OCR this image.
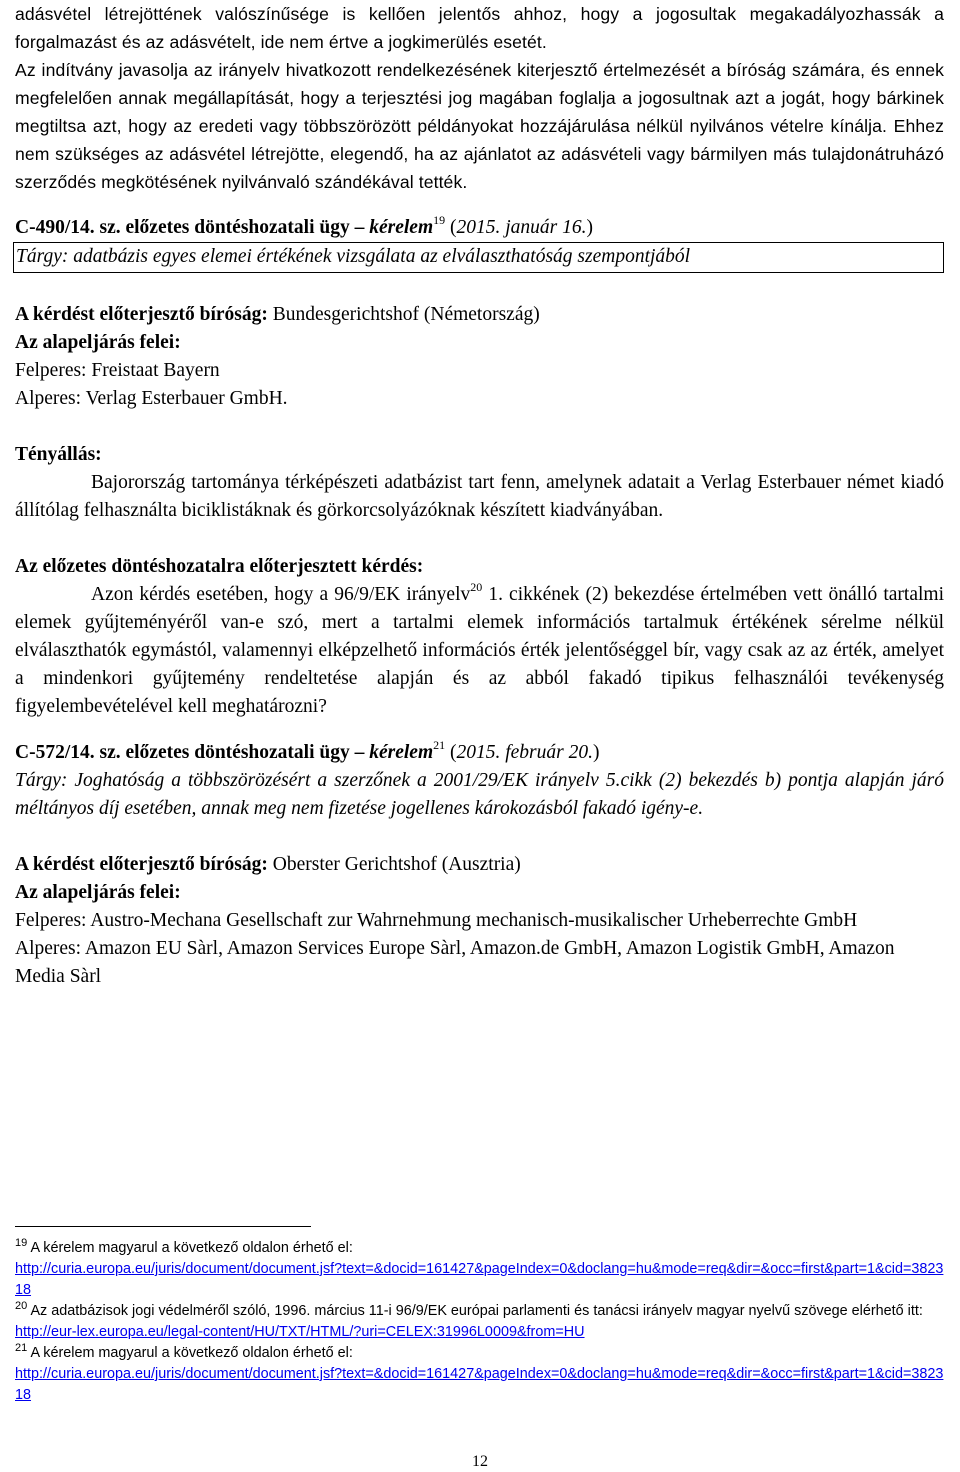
adásvétel létrejöttének valószínűsége is kellően jelentős ahhoz, hogy a jogosultak megakadályozhassák a forgalmazást és az adásvételt, ide nem értve a jogkimerülés esetét.

Az indítvány javasolja az irányelv hivatkozott rendelkezésének kiterjesztő értelmezését a bíróság számára, és ennek megfelelően annak megállapítását, hogy a terjesztési jog magában foglalja a jogosultnak azt a jogát, hogy bárkinek megtiltsa azt, hogy az eredeti vagy többszörözött példányokat hozzájárulása nélkül nyilvános vételre kínálja. Ehhez nem szükséges az adásvétel létrejötte, elegendő, ha az ajánlatot az adásvételi vagy bármilyen más tulajdonátruházó szerződés megkötésének nyilvánvaló szándékával tették.

C-490/14. sz. előzetes döntéshozatali ügy – kérelem$^{19}$ (2015. január 16.)

Tárgy: adatbázis egyes elemei értékének vizsgálata az elválaszthatóság szempontjából

A kérdést előterjesztő bíróság: Bundesgerichtshof (Németország)

Az alapeljárás felei:

Felperes: Freistaat Bayern

Alperes: Verlag Esterbauer GmbH.

Tényállás:

Bajorország tartománya térképészeti adatbázist tart fenn, amelynek adatait a Verlag Esterbauer német kiadó állítólag felhasználta biciklistáknak és görkorcsolyázóknak készített kiadványában.

Az előzetes döntéshozatalra előterjesztett kérdés:

Azon kérdés esetében, hogy a 96/9/EK irányelv$^{20}$ 1. cikkének (2) bekezdése értelmében vett önálló tartalmi elemek gyűjteményéről van-e szó, mert a tartalmi elemek információs tartalmuk értékének sérelme nélkül elválaszthatók egymástól, valamennyi elképzelhető információs érték jelentőséggel bír, vagy csak az az érték, amelyet a mindenkori gyűjtemény rendeltetése alapján és az abból fakadó tipikus felhasználói tevékenység figyelembevételével kell meghatározni?

C-572/14. sz. előzetes döntéshozatali ügy – kérelem$^{21}$ (2015. február 20.)

Tárgy: Joghatóság a többszörözésért a szerzőnek a 2001/29/EK irányelv 5.cikk (2) bekezdés b) pontja alapján járó méltányos díj esetében, annak meg nem fizetése jogellenes károkozásból fakadó igény-e.

A kérdést előterjesztő bíróság: Oberster Gerichtshof (Ausztria)

Az alapeljárás felei:

Felperes: Austro-Mechana Gesellschaft zur Wahrnehmung mechanisch-musikalischer Urheberrechte GmbH

Alperes: Amazon EU Sàrl, Amazon Services Europe Sàrl, Amazon.de GmbH, Amazon Logistik GmbH, Amazon Media Sàrl

$^{19}$ A kérelem magyarul a következő oldalon érhető el:

http://curia.europa.eu/juris/document/document.jsf?text=&docid=161427&pageIndex=0&doclang=hu&mode=req&dir=&occ=first&part=1&cid=382318

$^{20}$ Az adatbázisok jogi védelméről szóló, 1996. március 11-i 96/9/EK európai parlamenti és tanácsi irányelv magyar nyelvű szövege elérhető itt:

http://eur-lex.europa.eu/legal-content/HU/TXT/HTML/?uri=CELEX:31996L0009&from=HU

$^{21}$ A kérelem magyarul a következő oldalon érhető el:

http://curia.europa.eu/juris/document/document.jsf?text=&docid=161427&pageIndex=0&doclang=hu&mode=req&dir=&occ=first&part=1&cid=382318

12
